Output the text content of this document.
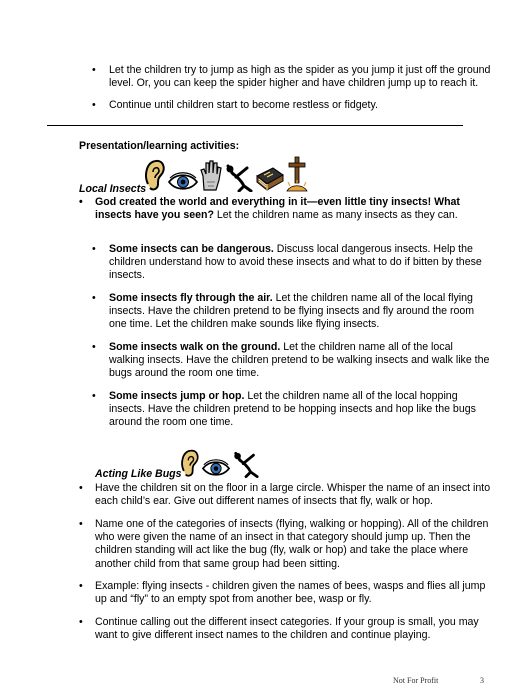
• Let the children try to jump as high as the spider as you jump it just off the ground level. Or, you can keep the spider higher and have children jump up to reach it.
• Continue until children start to become restless or fidgety.
Presentation/learning activities:
Local Insects
• God created the world and everything in it—even little tiny insects! What insects have you seen? Let the children name as many insects as they can.
• Some insects can be dangerous. Discuss local dangerous insects. Help the children understand how to avoid these insects and what to do if bitten by these insects.
• Some insects fly through the air. Let the children name all of the local flying insects. Have the children pretend to be flying insects and fly around the room one time. Let the children make sounds like flying insects.
• Some insects walk on the ground. Let the children name all of the local walking insects. Have the children pretend to be walking insects and walk like the bugs around the room one time.
• Some insects jump or hop. Let the children name all of the local hopping insects. Have the children pretend to be hopping insects and hop like the bugs around the room one time.
Acting Like Bugs
• Have the children sit on the floor in a large circle. Whisper the name of an insect into each child’s ear. Give out different names of insects that fly, walk or hop.
• Name one of the categories of insects (flying, walking or hopping). All of the children who were given the name of an insect in that category should jump up. Then the children standing will act like the bug (fly, walk or hop) and take the place where another child from that same group had been sitting.
• Example: flying insects - children given the names of bees, wasps and flies all jump up and “fly” to an empty spot from another bee, wasp or fly.
• Continue calling out the different insect categories. If your group is small, you may want to give different insect names to the children and continue playing.
Not For Profit	3
